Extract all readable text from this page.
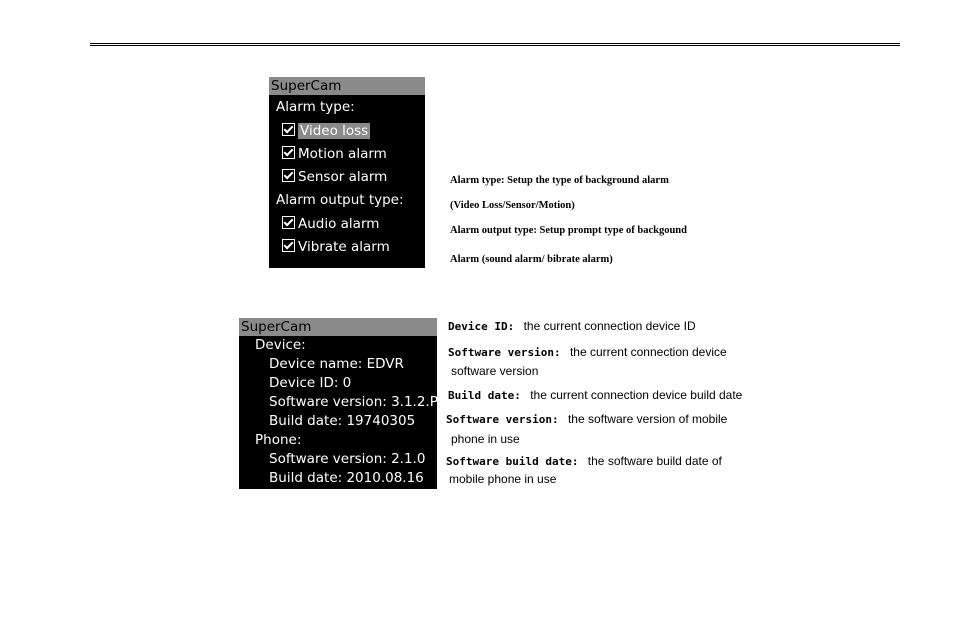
SuperCam
Alarm type:
Video loss
Motion alarm
Sensor alarm
Alarm output type:
Audio alarm
Vibrate alarm
Alarm type: Setup the type of background alarm
(Video Loss/Sensor/Motion)
Alarm output type: Setup prompt type of backgound
Alarm (sound alarm/ bibrate alarm)
SuperCam
Device:
Device name: EDVR
Device ID: 0
Software version: 3.1.2.P
Build date: 19740305
Phone:
Software version: 2.1.0
Build date: 2010.08.16
Device ID: the current connection device ID
Software version: the current connection device
software version
Build date: the current connection device build date
Software version: the software version of mobile
phone in use
Software build date: the software build date of
mobile phone in use
